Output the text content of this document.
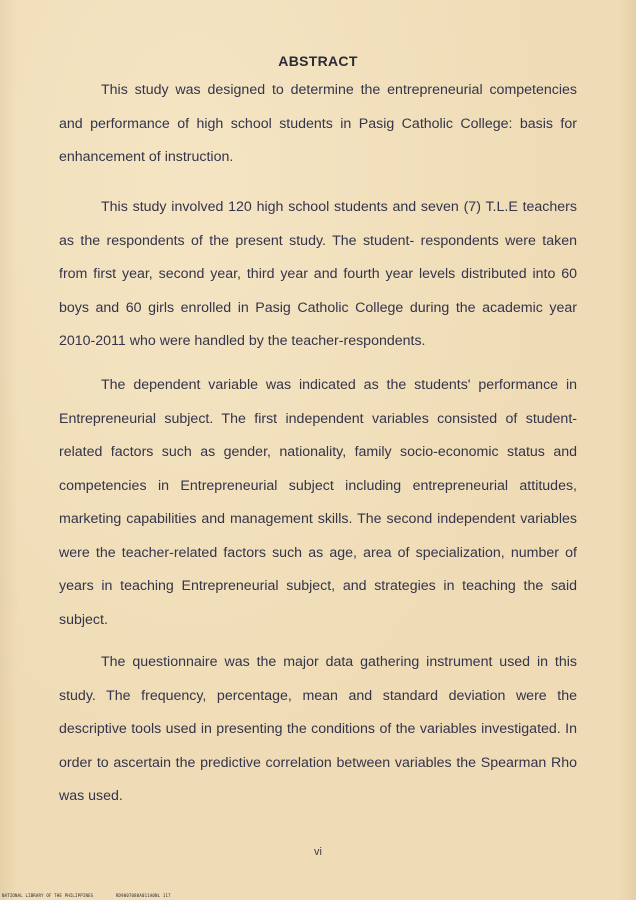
ABSTRACT
This study was designed to determine the entrepreneurial competencies and performance of high school students in Pasig Catholic College: basis for enhancement of instruction.
This study involved 120 high school students and seven (7) T.L.E teachers as the respondents of the present study. The student- respondents were taken from first year, second year, third year and fourth year levels distributed into 60 boys and 60 girls enrolled in Pasig Catholic College during the academic year 2010-2011 who were handled by the teacher-respondents.
The dependent variable was indicated as the students' performance in Entrepreneurial subject. The first independent variables consisted of student-related factors such as gender, nationality, family socio-economic status and competencies in Entrepreneurial subject including entrepreneurial attitudes, marketing capabilities and management skills. The second independent variables were the teacher-related factors such as age, area of specialization, number of years in teaching Entrepreneurial subject, and strategies in teaching the said subject.
The questionnaire was the major data gathering instrument used in this study. The frequency, percentage, mean and standard deviation were the descriptive tools used in presenting the conditions of the variables investigated. In order to ascertain the predictive correlation between variables the Spearman Rho was used.
vi
NATIONAL LIBRARY OF THE PHILIPPINES	RD9007088A011A0NL 117
